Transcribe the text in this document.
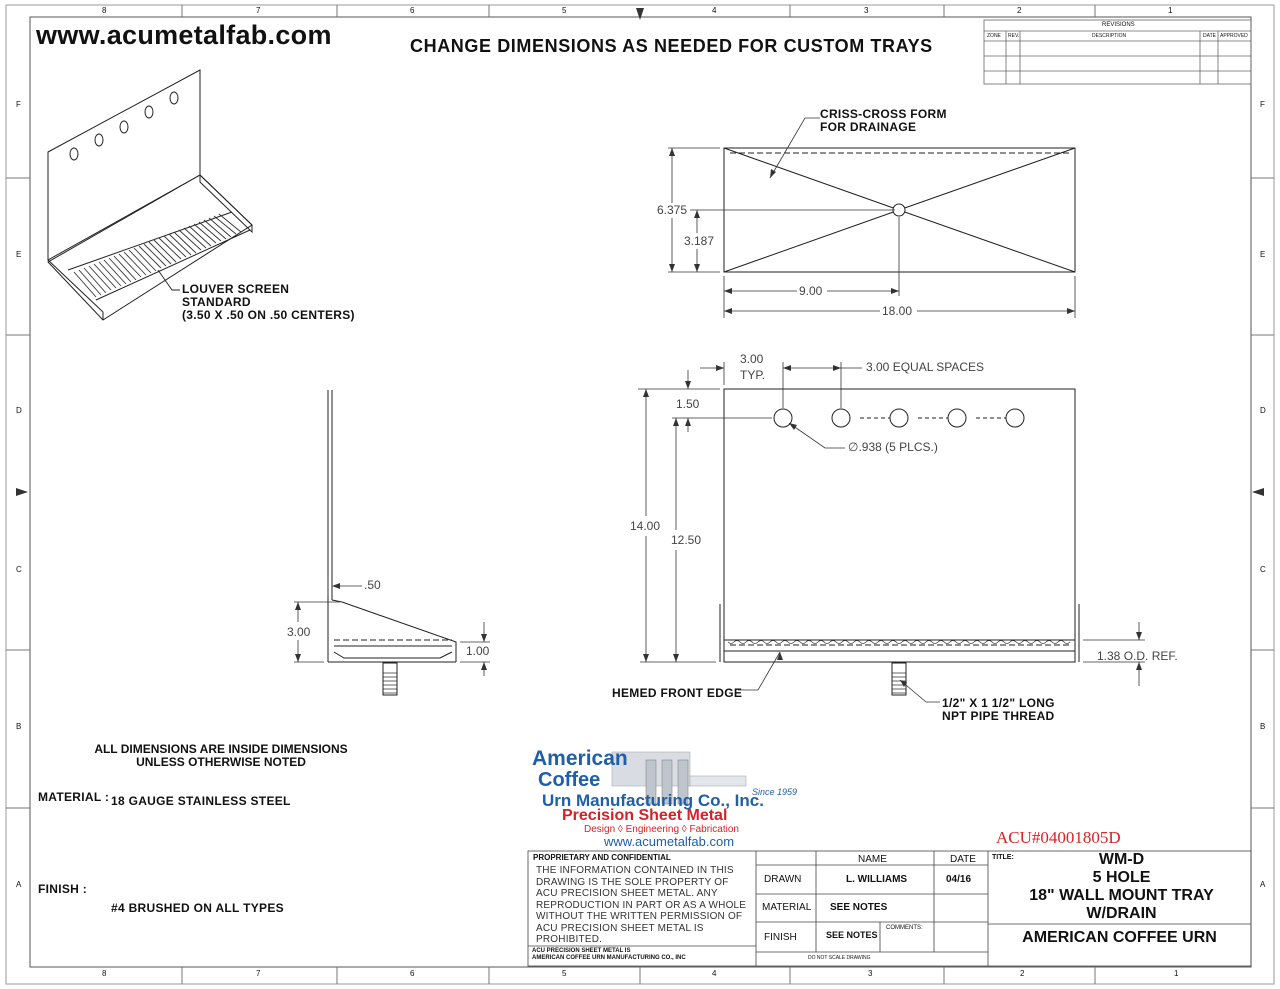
www.acumetalfab.com	CHANGE DIMENSIONS AS NEEDED FOR CUSTOM TRAYS
8	7	6	5	4	3	2	1
8	7	6	5	4	3	2	1
F
E
D
C
B
A
F
E
D
C
B
A
REVISIONS
ZONE REV.	DESCRIPTION	DATE APPROVED
LOUVER SCREEN
STANDARD
(3.50 X .50 ON .50 CENTERS)
CRISS-CROSS FORM
FOR DRAINAGE
6.375
3.187
9.00
18.00
.50
3.00
1.00
3.00
TYP.
3.00 EQUAL SPACES
1.50
∅.938 (5 PLCS.)
14.00
12.50
1.38 O.D. REF.
HEMED FRONT EDGE
1/2" X 1 1/2" LONG
NPT PIPE THREAD
ALL DIMENSIONS ARE INSIDE DIMENSIONS
UNLESS OTHERWISE NOTED
MATERIAL : 18 GAUGE STAINLESS STEEL
FINISH :
#4 BRUSHED ON ALL TYPES
American
Coffee
Urn Manufacturing Co., Inc.
Since 1959
Precision Sheet Metal
Design ◊ Engineering ◊ Fabrication
www.acumetalfab.com	ACU#04001805D
PROPRIETARY AND CONFIDENTIAL
THE INFORMATION CONTAINED IN THIS
DRAWING IS THE SOLE PROPERTY OF
ACU PRECISION SHEET METAL. ANY
REPRODUCTION IN PART OR AS A WHOLE
WITHOUT THE WRITTEN PERMISSION OF
ACU PRECISION SHEET METAL IS
PROHIBITED.
ACU PRECISION SHEET METAL IS
AMERICAN COFFEE URN MANUFACTURING CO., INC
NAME	DATE
DRAWN	L. WILLIAMS	04/16
MATERIAL SEE NOTES
FINISH	SEE NOTES
COMMENTS:
DO NOT SCALE DRAWING
TITLE:	WM-D
5 HOLE
18" WALL MOUNT TRAY
W/DRAIN
AMERICAN COFFEE URN
